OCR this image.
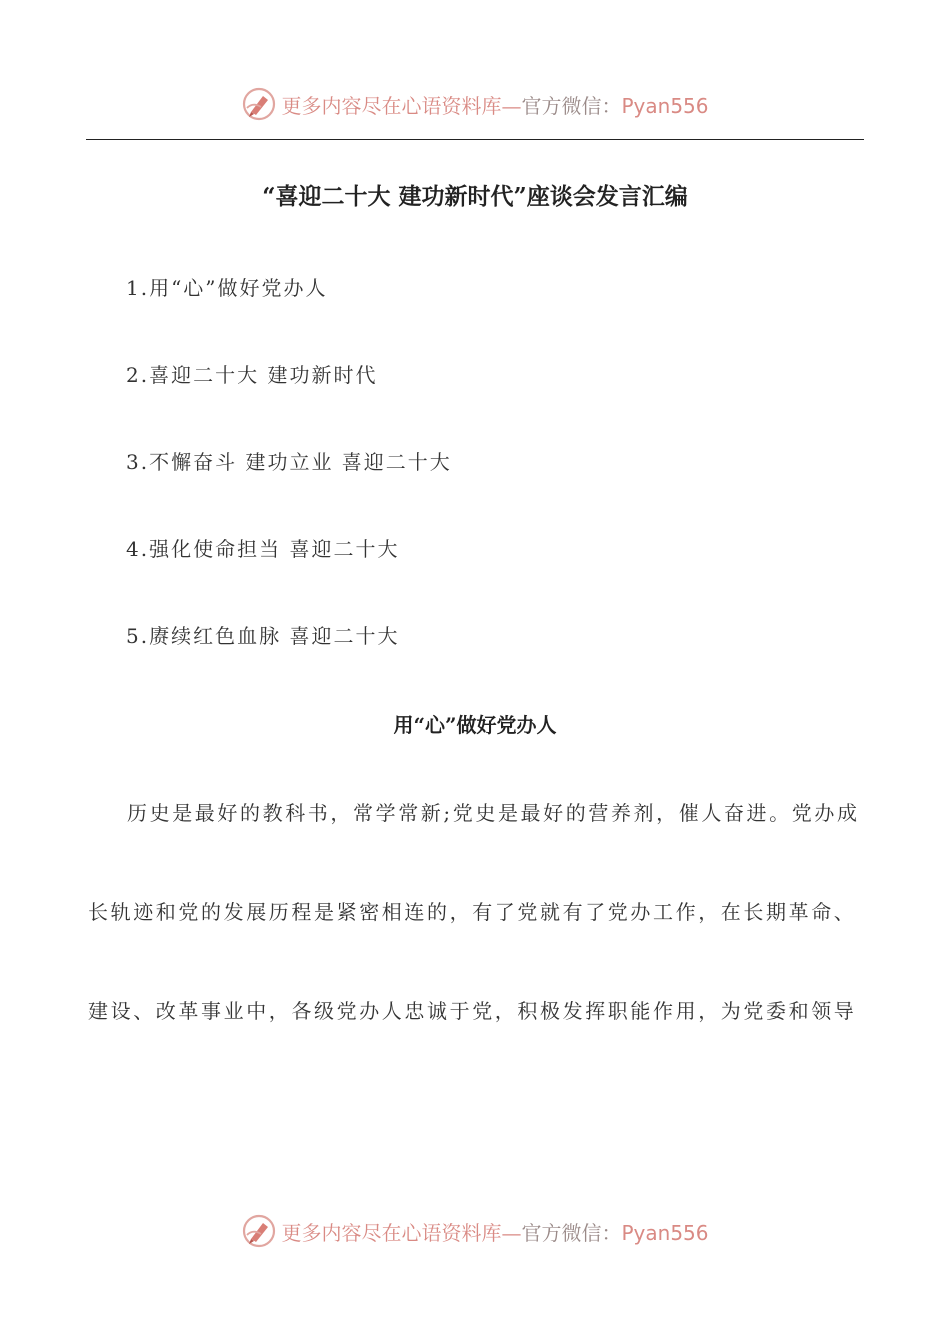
更多内容尽在心语资料库—官方微信：Pyan556
“喜迎二十大 建功新时代”座谈会发言汇编
1.用“心”做好党办人
2.喜迎二十大 建功新时代
3.不懈奋斗 建功立业 喜迎二十大
4.强化使命担当 喜迎二十大
5.赓续红色血脉 喜迎二十大
用“心”做好党办人
历史是最好的教科书，常学常新;党史是最好的营养剂，催人奋进。党办成
长轨迹和党的发展历程是紧密相连的，有了党就有了党办工作，在长期革命、
建设、改革事业中，各级党办人忠诚于党，积极发挥职能作用，为党委和领导
更多内容尽在心语资料库—官方微信：Pyan556
